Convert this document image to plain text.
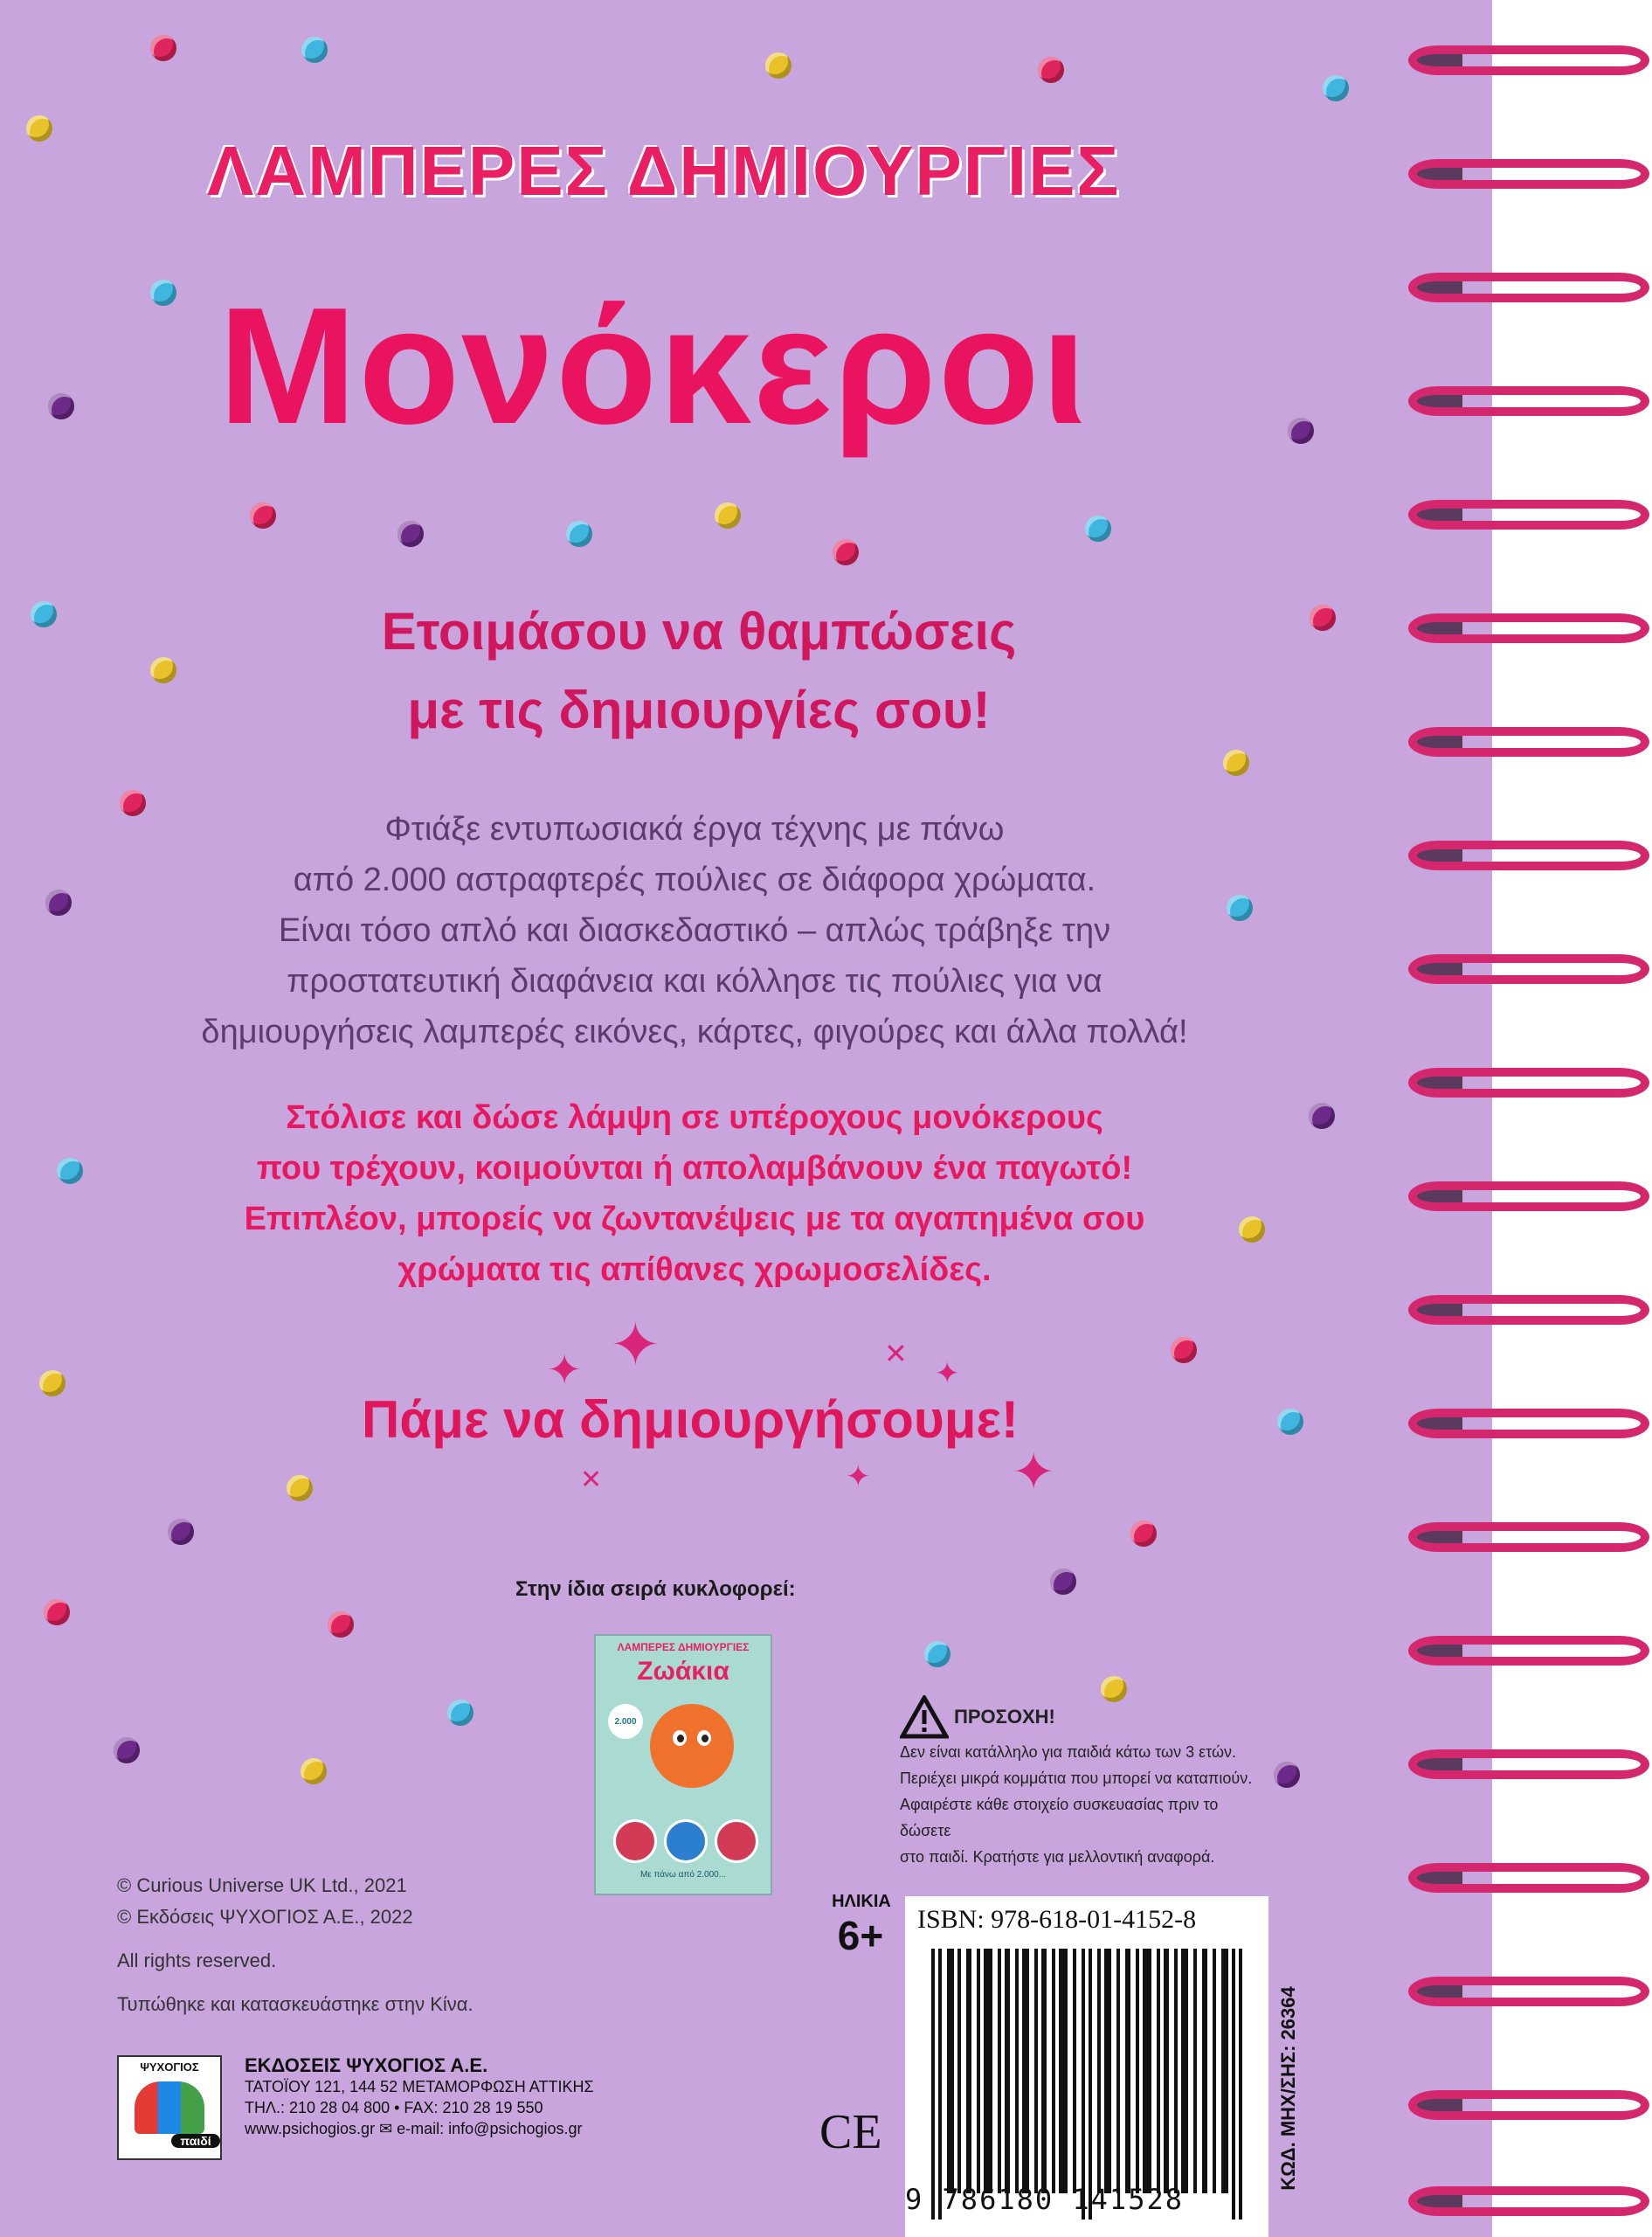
ΛΑΜΠΕΡΕΣ ΔΗΜΙΟΥΡΓΙΕΣ
Μονόκεροι
Ετοιμάσου να θαμπώσεις
με τις δημιουργίες σου!
Φτιάξε εντυπωσιακά έργα τέχνης με πάνω
από 2.000 αστραφτερές πούλιες σε διάφορα χρώματα.
Είναι τόσο απλό και διασκεδαστικό – απλώς τράβηξε την
προστατευτική διαφάνεια και κόλλησε τις πούλιες για να
δημιουργήσεις λαμπερές εικόνες, κάρτες, φιγούρες και άλλα πολλά!
Στόλισε και δώσε λάμψη σε υπέροχους μονόκερους
που τρέχουν, κοιμούνται ή απολαμβάνουν ένα παγωτό!
Επιπλέον, μπορείς να ζωντανέψεις με τα αγαπημένα σου
χρώματα τις απίθανες χρωμοσελίδες.
✦ ✦	✕
✦
✦
✦
✕
Πάμε να δημιουργήσουμε!
Στην ίδια σειρά κυκλοφορεί:
ΛΑΜΠΕΡΕΣ ΔΗΜΙΟΥΡΓΙΕΣ
Ζωάκια
2.000
Με πάνω από 2.000...
ΠΡΟΣΟΧΗ!
Δεν είναι κατάλληλο για παιδιά κάτω των 3 ετών.
Περιέχει μικρά κομμάτια που μπορεί να καταπιούν.
Αφαιρέστε κάθε στοιχείο συσκευασίας πριν το δώσετε
στο παιδί. Κρατήστε για μελλοντική αναφορά.
ΗΛΙΚΙΑ
6+	ISBN: 978-618-01-4152-8
9 786180 141528
ΚΩΔ. ΜΗΧ/ΣΗΣ: 26364
CE

© Curious Universe UK Ltd., 2021
© Εκδόσεις ΨΥΧΟΓΙΟΣ Α.Ε., 2022

All rights reserved.

Τυπώθηκε και κατασκευάστηκε στην Κίνα.

ΨΥΧΟΓΙΟΣ
παιδί
ΕΚΔΟΣΕΙΣ ΨΥΧΟΓΙΟΣ Α.Ε.
ΤΑΤΟΪΟΥ 121, 144 52 ΜΕΤΑΜΟΡΦΩΣΗ ΑΤΤΙΚΗΣ
ΤΗΛ.: 210 28 04 800 • FAX: 210 28 19 550
www.psichogios.gr ✉ e-mail: info@psichogios.gr
